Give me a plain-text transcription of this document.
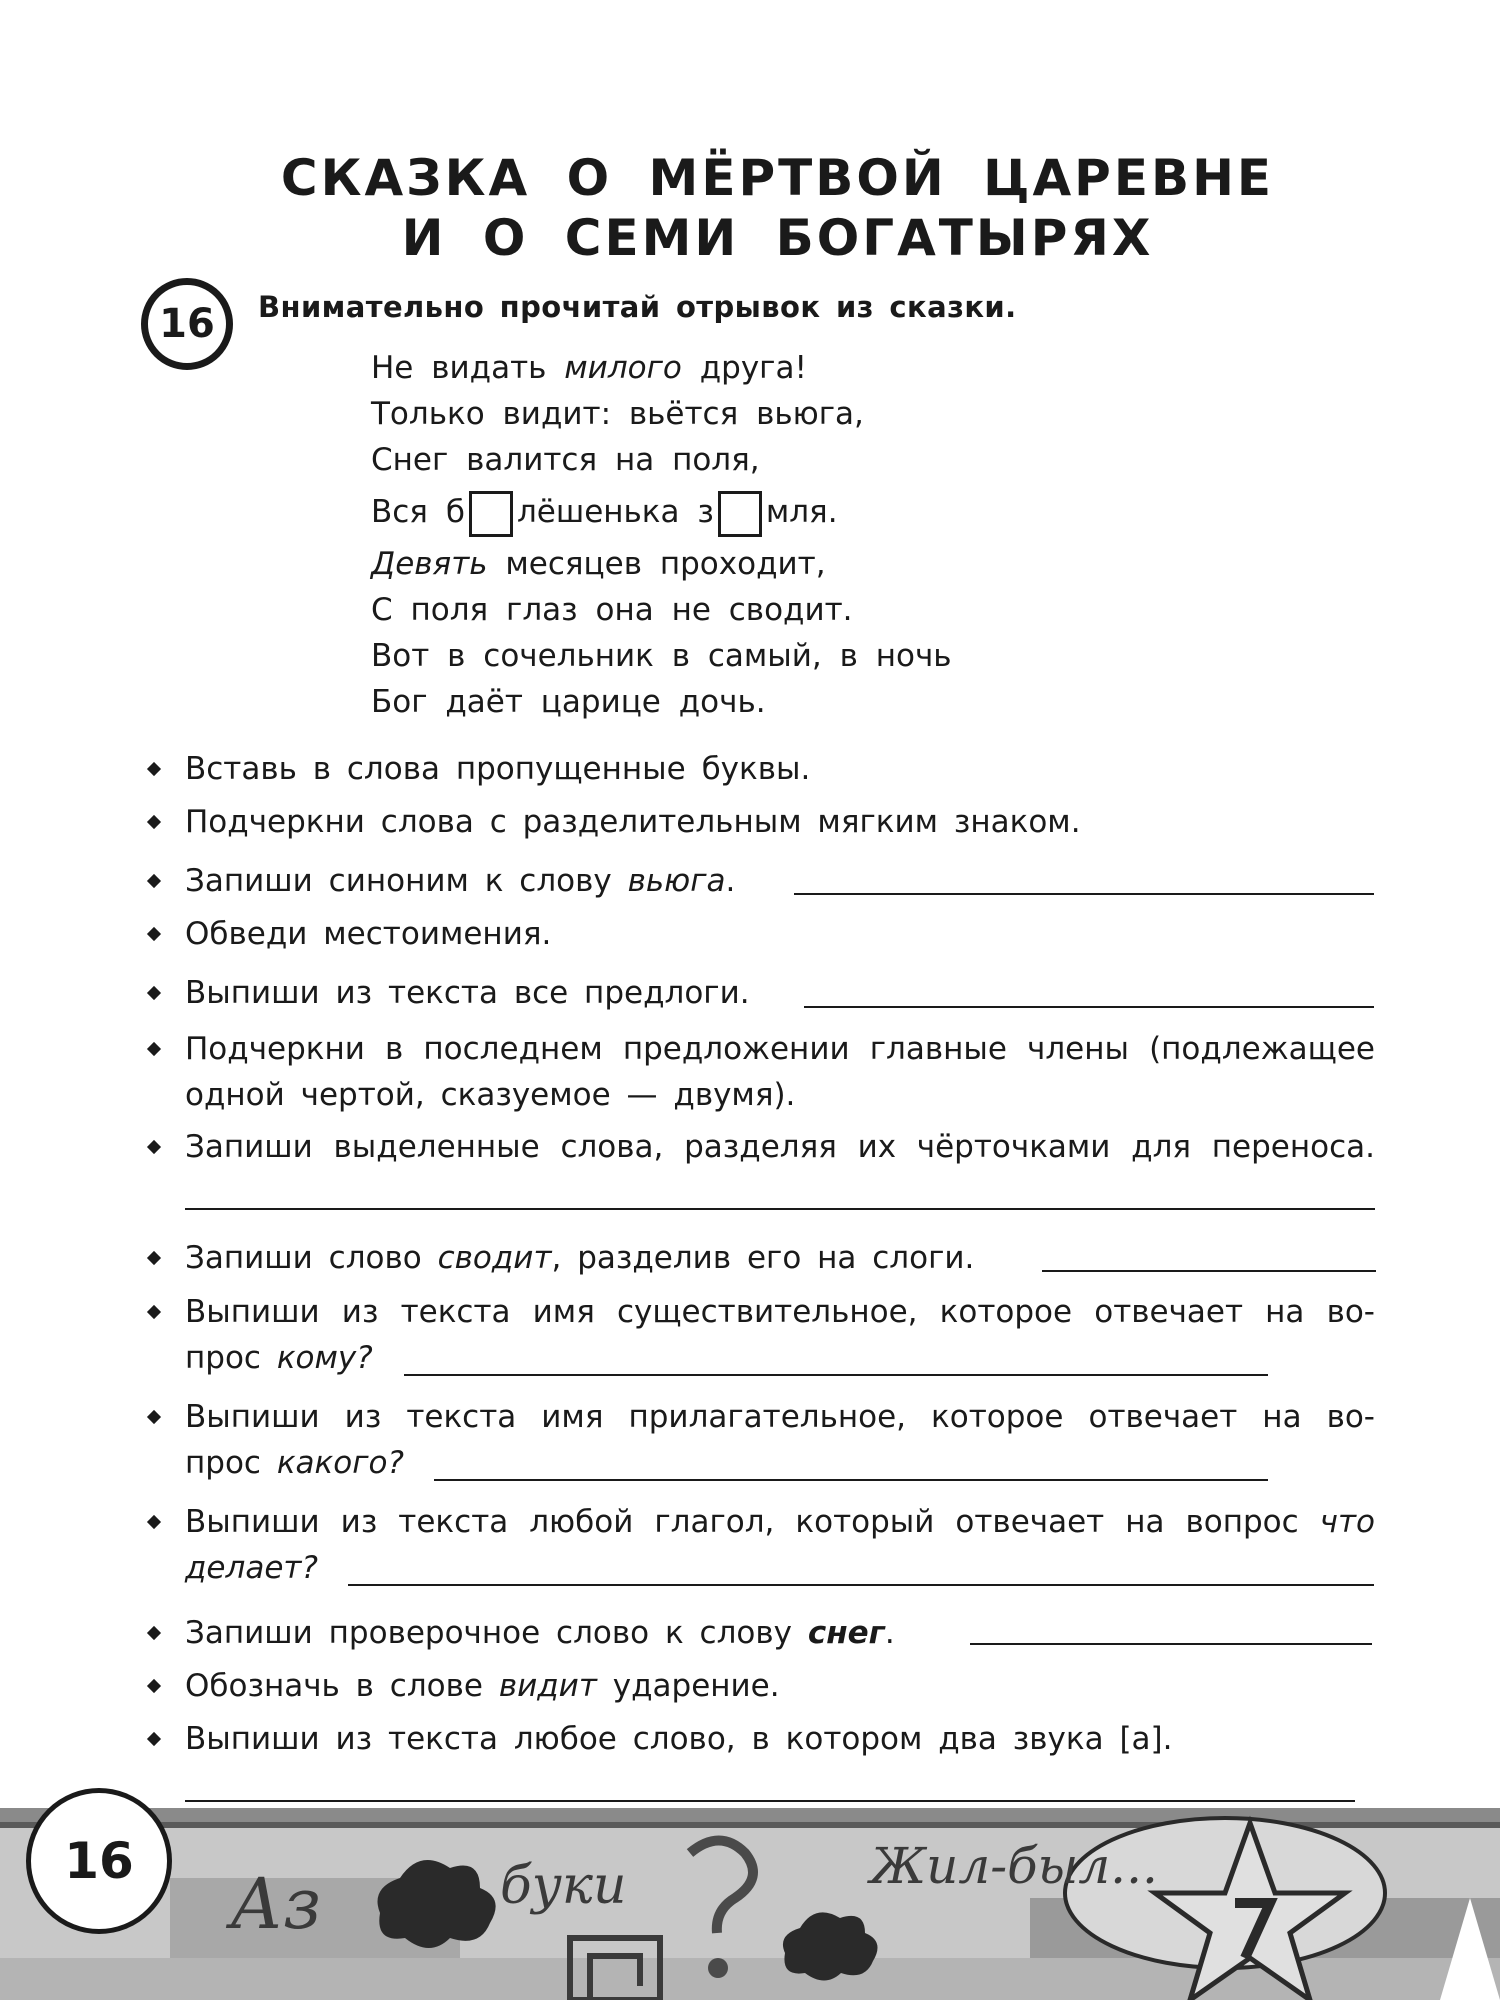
СКАЗКА О МЁРТВОЙ ЦАРЕВНЕ
И О СЕМИ БОГАТЫРЯХ
16 Внимательно прочитай отрывок из сказки.
Не видать милого друга!
Только видит: вьётся вьюга,
Снег валится на поля,
Вся б лёшенька з мля.
Девять месяцев проходит,
С поля глаз она не сводит.
Вот в сочельник в самый, в ночь
Бог даёт царице дочь.
Вставь в слова пропущенные буквы.
Подчеркни слова с разделительным мягким знаком.
Запиши синоним к слову вьюга.
Обведи местоимения.
Выпиши из текста все предлоги.
Подчеркни в последнем предложении главные члены (подлежащее
одной чертой, сказуемое — двумя).
Запиши выделенные слова, разделяя их чёрточками для переноса.
Запиши слово сводит, разделив его на слоги.
Выпиши из текста имя существительное, которое отвечает на во-
прос кому?
Выпиши из текста имя прилагательное, которое отвечает на во-
прос какого?
Выпиши из текста любой глагол, который отвечает на вопрос что
делает?
Запиши проверочное слово к слову снег.
Обозначь в слове видит ударение.
Выпиши из текста любое слово, в котором два звука [а].
Аз	буки	Жил-был...
16
